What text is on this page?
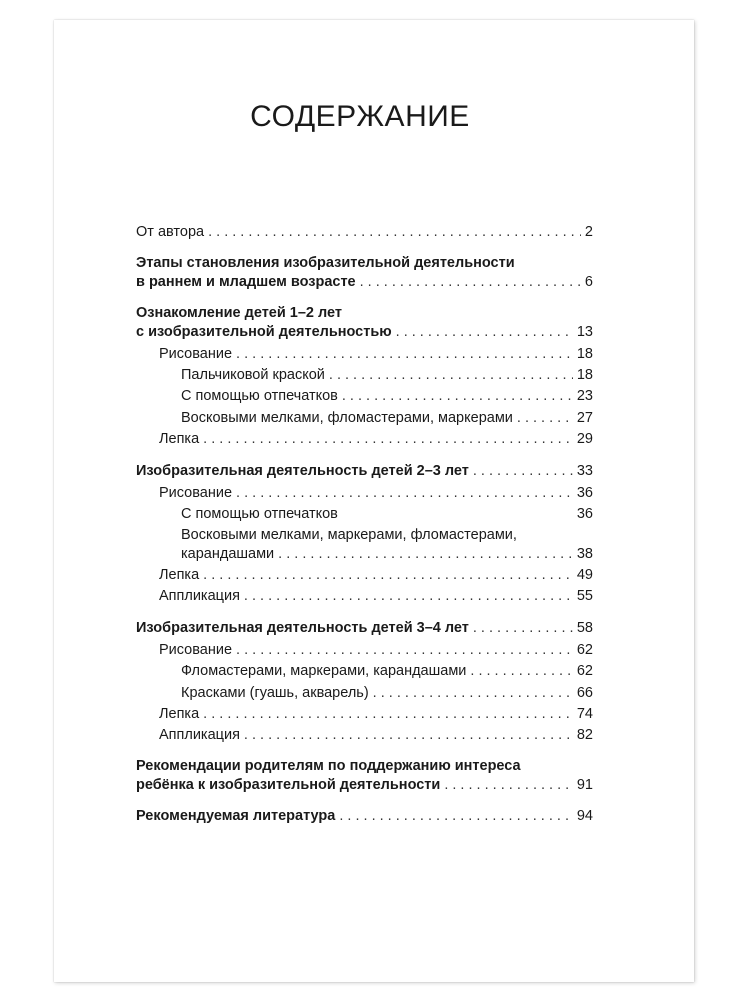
СОДЕРЖАНИЕ
От автора . . .	2
Этапы становления изобразительной деятельности
в раннем и младшем возрасте . . .	6
Ознакомление детей 1–2 лет
с изобразительной деятельностью . . .	13
Рисование . . .	18
Пальчиковой краской . . .	18
С помощью отпечатков . . .	23
Восковыми мелками, фломастерами, маркерами . . .	27
Лепка . . .	29
Изобразительная деятельность детей 2–3 лет . . .	33
Рисование . . .	36
С помощью отпечатков	36
Восковыми мелками, маркерами, фломастерами,
карандашами . . .	38
Лепка . . .	49
Аппликация . . .	55
Изобразительная деятельность детей 3–4 лет . . .	58
Рисование . . .	62
Фломастерами, маркерами, карандашами . . .	62
Красками (гуашь, акварель) . . .	66
Лепка . . .	74
Аппликация . . .	82
Рекомендации родителям по поддержанию интереса
ребёнка к изобразительной деятельности . . .	91
Рекомендуемая литература . . .	94
